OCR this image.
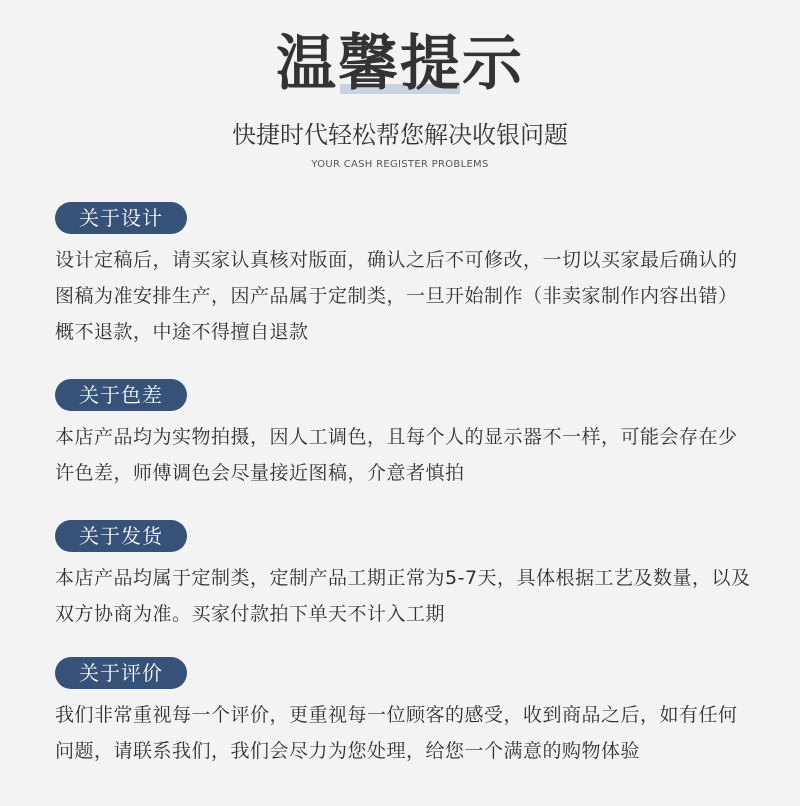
温馨提示
快捷时代轻松帮您解决收银问题
YOUR CASH REGISTER PROBLEMS
关于设计
设计定稿后，请买家认真核对版面，确认之后不可修改，一切以买家最后确认的图稿为准安排生产，因产品属于定制类，一旦开始制作（非卖家制作内容出错）概不退款，中途不得擅自退款
关于色差
本店产品均为实物拍摄，因人工调色，且每个人的显示器不一样，可能会存在少许色差，师傅调色会尽量接近图稿，介意者慎拍
关于发货
本店产品均属于定制类，定制产品工期正常为5-7天，具体根据工艺及数量，以及双方协商为准。买家付款拍下单天不计入工期
关于评价
我们非常重视每一个评价，更重视每一位顾客的感受，收到商品之后，如有任何问题，请联系我们，我们会尽力为您处理，给您一个满意的购物体验
